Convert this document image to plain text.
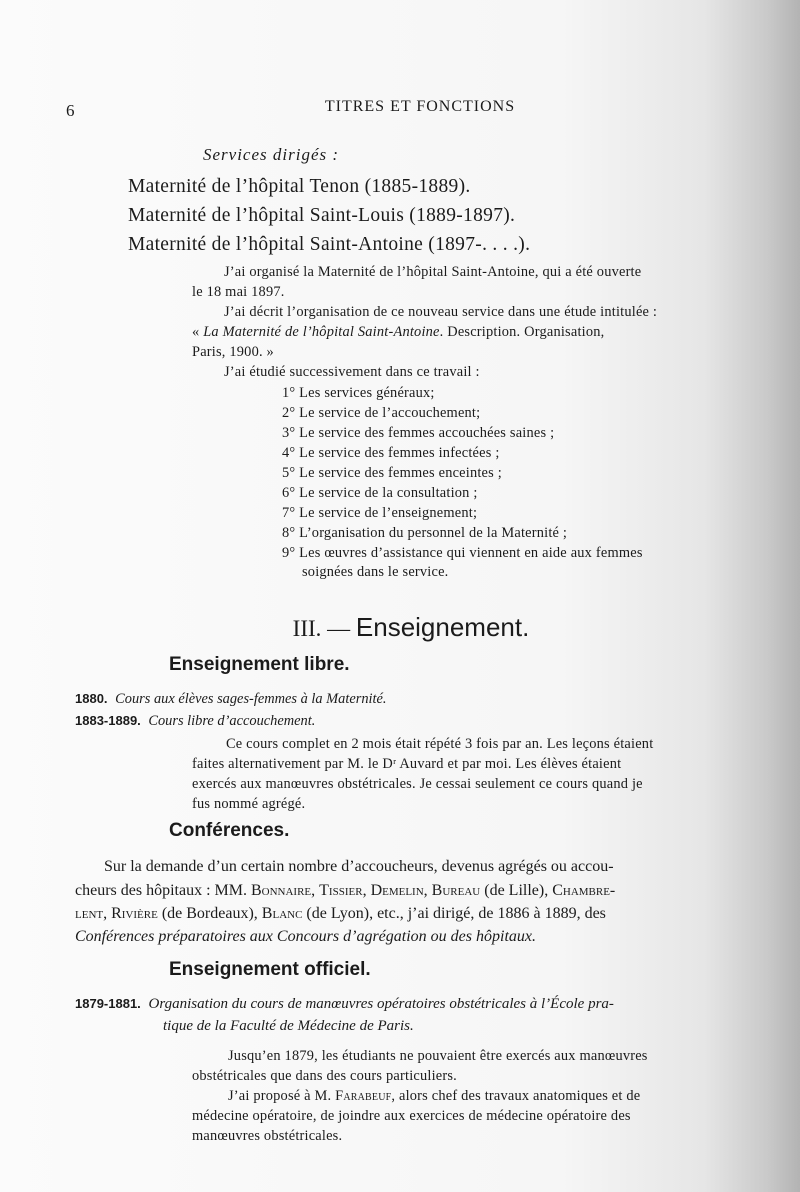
6	TITRES ET FONCTIONS
Services dirigés :
Maternité de l’hôpital Tenon (1885-1889).
Maternité de l’hôpital Saint-Louis (1889-1897).
Maternité de l’hôpital Saint-Antoine (1897-. . . .).
J’ai organisé la Maternité de l’hôpital Saint-Antoine, qui a été ouverte
le 18 mai 1897.
J’ai décrit l’organisation de ce nouveau service dans une étude intitulée :
« La Maternité de l’hôpital Saint-Antoine. Description. Organisation,
Paris, 1900. »
J’ai étudié successivement dans ce travail :
1° Les services généraux;
2° Le service de l’accouchement;
3° Le service des femmes accouchées saines ;
4° Le service des femmes infectées ;
5° Le service des femmes enceintes ;
6° Le service de la consultation ;
7° Le service de l’enseignement;
8° L’organisation du personnel de la Maternité ;
9° Les œuvres d’assistance qui viennent en aide aux femmes
soignées dans le service.
III. — Enseignement.
Enseignement libre.
1880. Cours aux élèves sages-femmes à la Maternité.
1883-1889. Cours libre d’accouchement.
Ce cours complet en 2 mois était répété 3 fois par an. Les leçons étaient
faites alternativement par M. le Dʳ Auvard et par moi. Les élèves étaient
exercés aux manœuvres obstétricales. Je cessai seulement ce cours quand je
fus nommé agrégé.
Conférences.
Sur la demande d’un certain nombre d’accoucheurs, devenus agrégés ou accou-
cheurs des hôpitaux : MM. Bonnaire, Tissier, Demelin, Bureau (de Lille), Chambre-
lent, Rivière (de Bordeaux), Blanc (de Lyon), etc., j’ai dirigé, de 1886 à 1889, des
Conférences préparatoires aux Concours d’agrégation ou des hôpitaux.
Enseignement officiel.
1879-1881. Organisation du cours de manœuvres opératoires obstétricales à l’École pra-
tique de la Faculté de Médecine de Paris.
Jusqu’en 1879, les étudiants ne pouvaient être exercés aux manœuvres
obstétricales que dans des cours particuliers.
J’ai proposé à M. Farabeuf, alors chef des travaux anatomiques et de
médecine opératoire, de joindre aux exercices de médecine opératoire des
manœuvres obstétricales.
